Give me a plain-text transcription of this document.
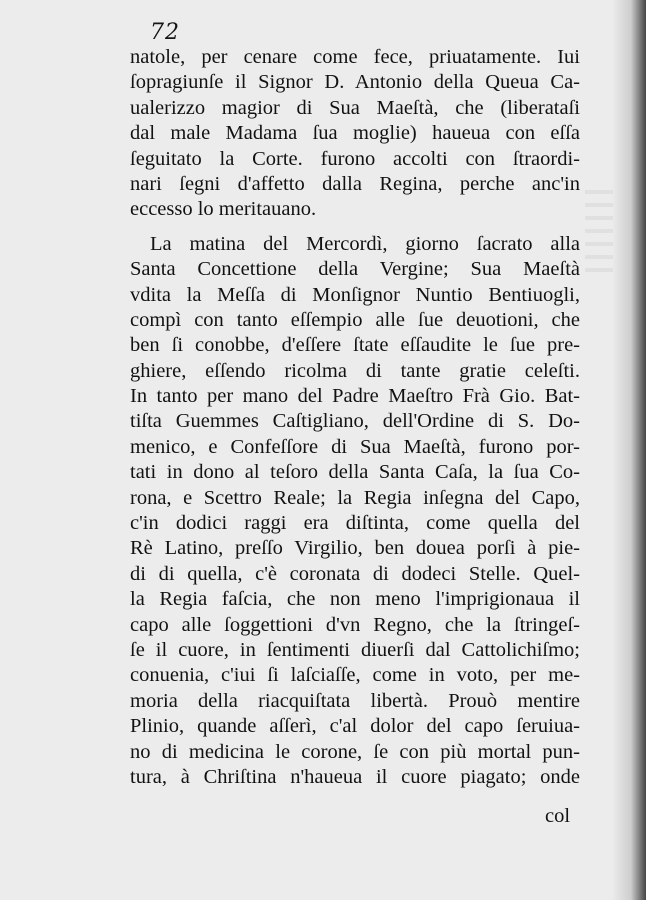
72
natole, per cenare come fece, priuatamente. Iui
ſopragiunſe il Signor D. Antonio della Queua Ca-
ualerizzo magior di Sua Maeſtà, che (liberataſi
dal male Madama ſua moglie) haueua con eſſa
ſeguitato la Corte. furono accolti con ſtraordi-
nari ſegni d'affetto dalla Regina, perche anc'in
eccesso lo meritauano.
La matina del Mercordì, giorno ſacrato alla
Santa Concettione della Vergine; Sua Maeſtà
vdita la Meſſa di Monſignor Nuntio Bentiuogli,
compì con tanto eſſempio alle ſue deuotioni, che
ben ſi conobbe, d'eſſere ſtate eſſaudite le ſue pre-
ghiere, eſſendo ricolma di tante gratie celeſti.
In tanto per mano del Padre Maeſtro Frà Gio. Bat-
tiſta Guemmes Caſtigliano, dell'Ordine di S. Do-
menico, e Confeſſore di Sua Maeſtà, furono por-
tati in dono al teſoro della Santa Caſa, la ſua Co-
rona, e Scettro Reale; la Regia inſegna del Capo,
c'in dodici raggi era diſtinta, come quella del
Rè Latino, preſſo Virgilio, ben douea porſi à pie-
di di quella, c'è coronata di dodeci Stelle. Quel-
la Regia faſcia, che non meno l'imprigionaua il
capo alle ſoggettioni d'vn Regno, che la ſtringeſ-
ſe il cuore, in ſentimenti diuerſi dal Cattolichiſmo;
conuenia, c'iui ſi laſciaſſe, come in voto, per me-
moria della riacquiſtata libertà. Prouò mentire
Plinio, quande aſſerì, c'al dolor del capo ſeruiua-
no di medicina le corone, ſe con più mortal pun-
tura, à Chriſtina n'haueua il cuore piagato; onde
col
